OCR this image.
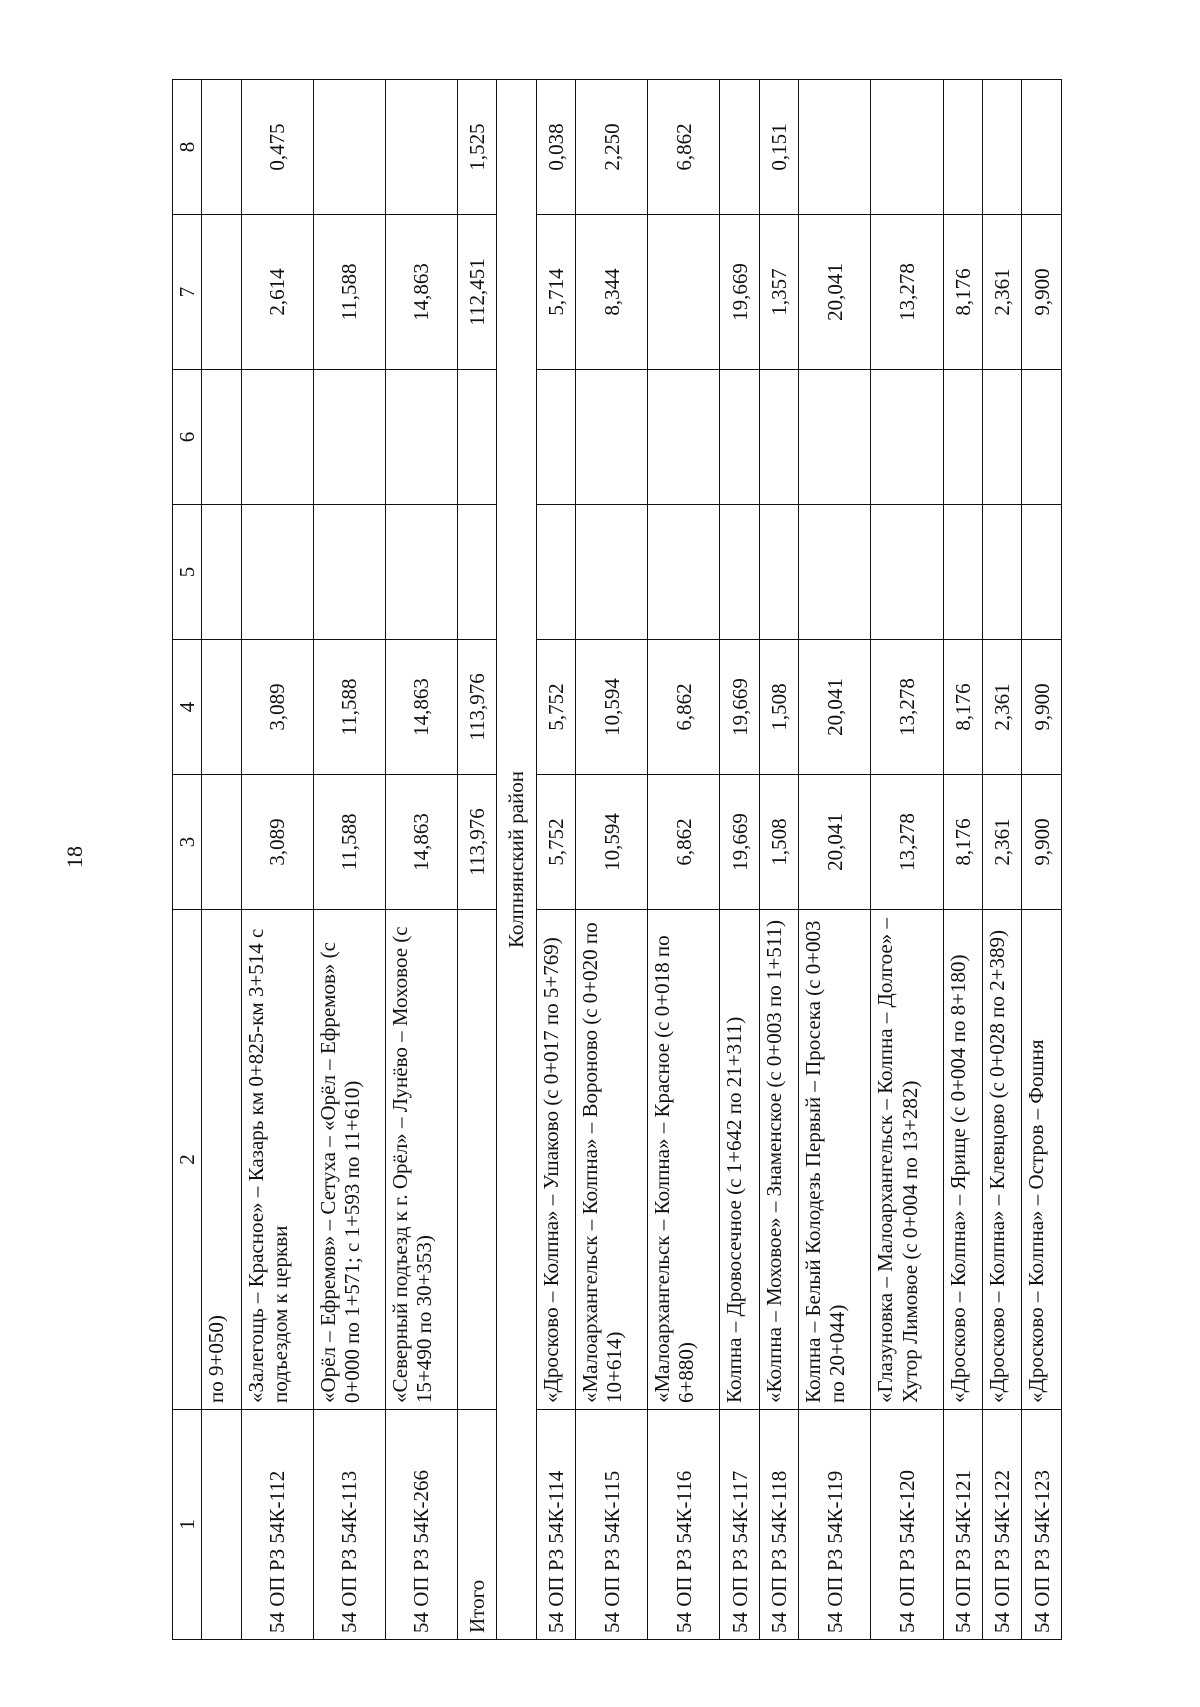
18
1	2	3	4	5	6	7	8
	по 9+050)						
54 ОП РЗ 54К-112	«Залегощь – Красное» – Казарь км 0+825-км 3+514 с подъездом к церкви	3,089	3,089			2,614	0,475
54 ОП РЗ 54К-113	«Орёл – Ефремов» – Сетуха – «Орёл – Ефремов» (с 0+000 по 1+571; с 1+593 по 11+610)	11,588	11,588			11,588	
54 ОП РЗ 54К-266	«Северный подъезд к г. Орёл» – Лунёво – Моховое (с 15+490 по 30+353)	14,863	14,863			14,863	
Итого		113,976	113,976			112,451	1,525
Колпнянский район							
54 ОП РЗ 54К-114	«Дросково – Колпна» – Ушаково (с 0+017 по 5+769)	5,752	5,752			5,714	0,038
54 ОП РЗ 54К-115	«Малоархангельск – Колпна» – Вороново (с 0+020 по 10+614)	10,594	10,594			8,344	2,250
54 ОП РЗ 54К-116	«Малоархангельск – Колпна» – Красное (с 0+018 по 6+880)	6,862	6,862				6,862
54 ОП РЗ 54К-117	Колпна – Дровосечное (с 1+642 по 21+311)	19,669	19,669			19,669	
54 ОП РЗ 54К-118	«Колпна – Моховое» – Знаменское (с 0+003 по 1+511)	1,508	1,508			1,357	0,151
54 ОП РЗ 54К-119	Колпна – Белый Колодезь Первый – Просека (с 0+003 по 20+044)	20,041	20,041			20,041	
54 ОП РЗ 54К-120	«Глазуновка – Малоархангельск – Колпна – Долгое» – Хутор Лимовое (с 0+004 по 13+282)	13,278	13,278			13,278	
54 ОП РЗ 54К-121	«Дросково – Колпна» – Ярище (с 0+004 по 8+180)	8,176	8,176			8,176	
54 ОП РЗ 54К-122	«Дросково – Колпна» – Клевцово (с 0+028 по 2+389)	2,361	2,361			2,361	
54 ОП РЗ 54К-123	«Дросково – Колпна» – Остров – Фошня	9,900	9,900			9,900	
